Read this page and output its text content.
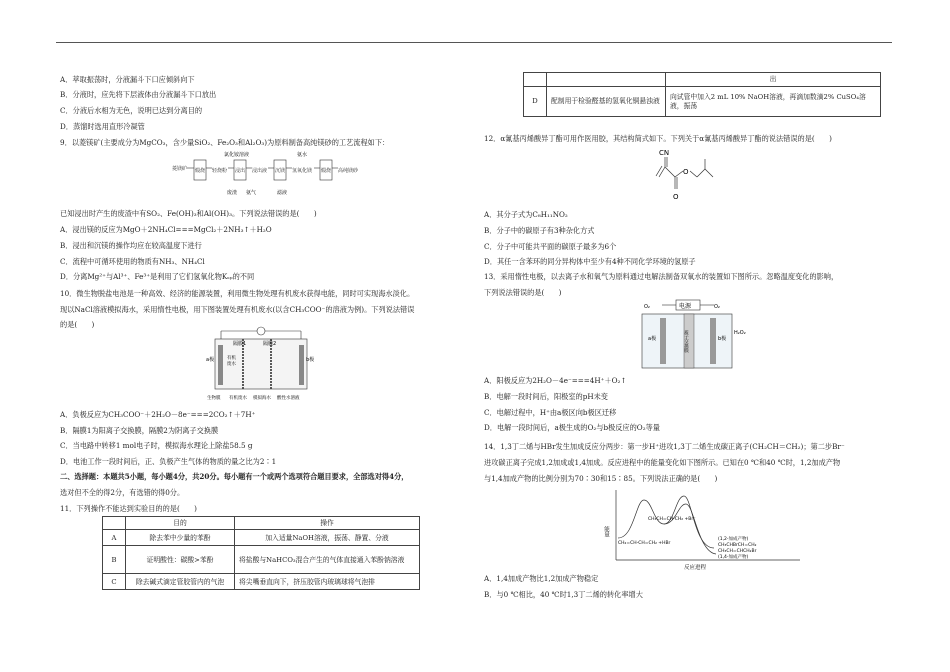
A．萃取振荡时，分液漏斗下口应倾斜向下
B．分液时，应先将下层液体由分液漏斗下口放出
C．分液后水相为无色，说明已达到分离目的
D．蒸馏时选用直形冷凝管
9．以菱镁矿(主要成分为MgCO₃，含少量SiO₂、Fe₂O₃和Al₂O₃)为原料制备高纯镁砂的工艺流程如下：
氯化铵溶液	氨水
菱镁矿 煅烧 轻烧粉 浸出 浸出液 沉镁 氢氧化镁 煅烧 高纯镁砂
废渣 氨气	滤液
已知浸出时产生的废渣中有SO₂、Fe(OH)₃和Al(OH)₃。下列说法错误的是(　　)
A．浸出镁的反应为MgO＋2NH₄Cl===MgCl₂＋2NH₃↑＋H₂O
B．浸出和沉镁的操作均应在较高温度下进行
C．流程中可循环使用的物质有NH₃、NH₄Cl
D．分离Mg²⁺与Al³⁺、Fe³⁺是利用了它们氢氧化物Kₛₚ的不同
10．微生物脱盐电池是一种高效、经济的能源装置，利用微生物处理有机废水获得电能，同时可实现海水淡化。
现以NaCl溶液模拟海水，采用惰性电极，用下图装置处理有机废水(以含CH₃COO⁻的溶液为例)。下列说法错误
的是(　　)
隔膜1	隔膜2
a极	b极
有机
废水
生物膜 有机废水 模拟海水 酸性水溶液
A．负极反应为CH₃COO⁻＋2H₂O－8e⁻===2CO₂↑＋7H⁺
B．隔膜1为阳离子交换膜，隔膜2为阴离子交换膜
C．当电路中转移1 mol电子时，模拟海水理论上除盐58.5 g
D．电池工作一段时间后，正、负极产生气体的物质的量之比为2∶1
二、选择题：本题共5小题，每小题4分，共20分。每小题有一个或两个选项符合题目要求，全部选对得4分，
选对但不全的得2分，有选错的得0分。
11．下列操作不能达到实验目的的是(　　)
	目的	操作
A	除去苯中少量的苯酚	加入适量NaOH溶液，振荡、静置、分液
B	证明酸性：碳酸>苯酚	将盐酸与NaHCO₃混合产生的气体直接通入苯酚钠溶液
C	除去碱式滴定管胶管内的气泡	将尖嘴垂直向下，挤压胶管内玻璃球将气泡排
		出
D	配制用于检验醛基的氢氧化铜悬浊液	向试管中加入2 mL 10% NaOH溶液，再滴加数滴2% CuSO₄溶液，振荡
12．α氰基丙烯酸异丁酯可用作医用胶，其结构简式如下。下列关于α氰基丙烯酸异丁酯的说法错误的是(　　)
CN
O
O
A．其分子式为C₈H₁₁NO₂
B．分子中的碳原子有3种杂化方式
C．分子中可能共平面的碳原子最多为6个
D．其任一含苯环的同分异构体中至少有4种不同化学环境的氢原子
13．采用惰性电极，以去离子水和氧气为原料通过电解法制备双氧水的装置如下图所示。忽略温度变化的影响，
下列说法错误的是(　　)
电源
O₂	O₂
a极	b极
质子交换膜	H₂O₂
A．阳极反应为2H₂O－4e⁻===4H⁺＋O₂↑
B．电解一段时间后，阳极室的pH未变
C．电解过程中，H⁺由a极区向b极区迁移
D．电解一段时间后，a极生成的O₂与b极反应的O₂等量
14．1,3丁二烯与HBr发生加成反应分两步：第一步H⁺进攻1,3丁二烯生成碳正离子(CH₂CH＝CH₂)；第二步Br⁻
进攻碳正离子完成1,2加成或1,4加成。反应进程中的能量变化如下图所示。已知在0 ℃和40 ℃时，1,2加成产物
与1,4加成产物的比例分别为70∶30和15∶85。下列说法正确的是(　　)
能量
反应进程
CH₂=CH-CH=CH₂ +HBr
CH₃CH=CH-CH₂ +Br⁻
(1,2-加成产物)
CH₃CHBrCH=CH₂
CH₃CH=CHCH₂Br
(1,4-加成产物)
A．1,4加成产物比1,2加成产物稳定
B．与0 ℃相比，40 ℃时1,3丁二烯的转化率增大
